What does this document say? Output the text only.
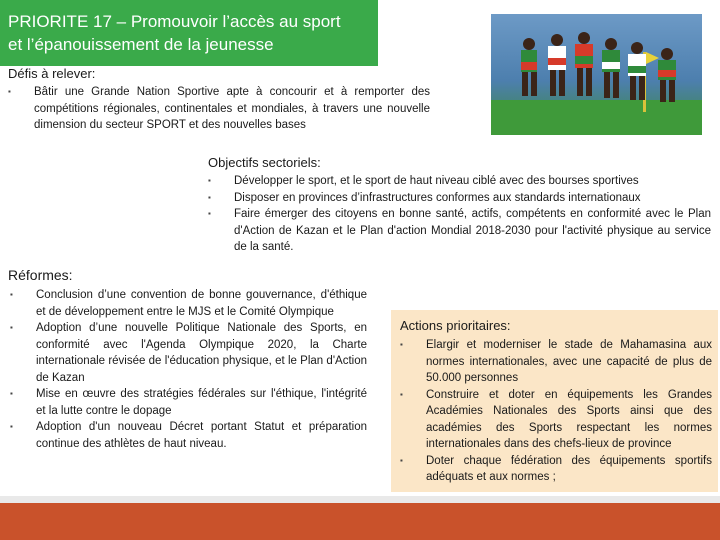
PRIORITE 17 – Promouvoir l’accès au sport
et l’épanouissement de la jeunesse
Défis à relever:
▪ Bâtir une Grande Nation Sportive apte à concourir et à remporter des compétitions régionales, continentales et mondiales, à travers une nouvelle dimension du secteur SPORT et des nouvelles bases
Objectifs sectoriels:
▪ Développer le sport, et le sport de haut niveau ciblé avec des bourses sportives
▪ Disposer en provinces d’infrastructures conformes aux standards internationaux
▪ Faire émerger des citoyens en bonne santé, actifs, compétents en conformité avec le Plan d'Action de Kazan et le Plan d'action Mondial 2018-2030 pour l'activité physique au service de la santé.
Réformes:
▪ Conclusion d’une convention de bonne gouvernance, d'éthique et de développement entre le MJS et le Comité Olympique
▪ Adoption d’une nouvelle Politique Nationale des Sports, en conformité avec l'Agenda Olympique 2020, la Charte internationale révisée de l'éducation physique, et le Plan d'Action de Kazan
▪ Mise en œuvre des stratégies fédérales sur l'éthique, l'intégrité et la lutte contre le dopage
▪ Adoption d'un nouveau Décret portant Statut et préparation continue des athlètes de haut niveau.
Actions prioritaires:
▪ Elargir et moderniser le stade de Mahamasina aux normes internationales, avec une capacité de plus de 50.000 personnes
▪ Construire et doter en équipements les Grandes Académies Nationales des Sports ainsi que des académies des Sports respectant les normes internationales dans des chefs-lieux de province
▪ Doter chaque fédération des équipements sportifs adéquats et aux normes ;
